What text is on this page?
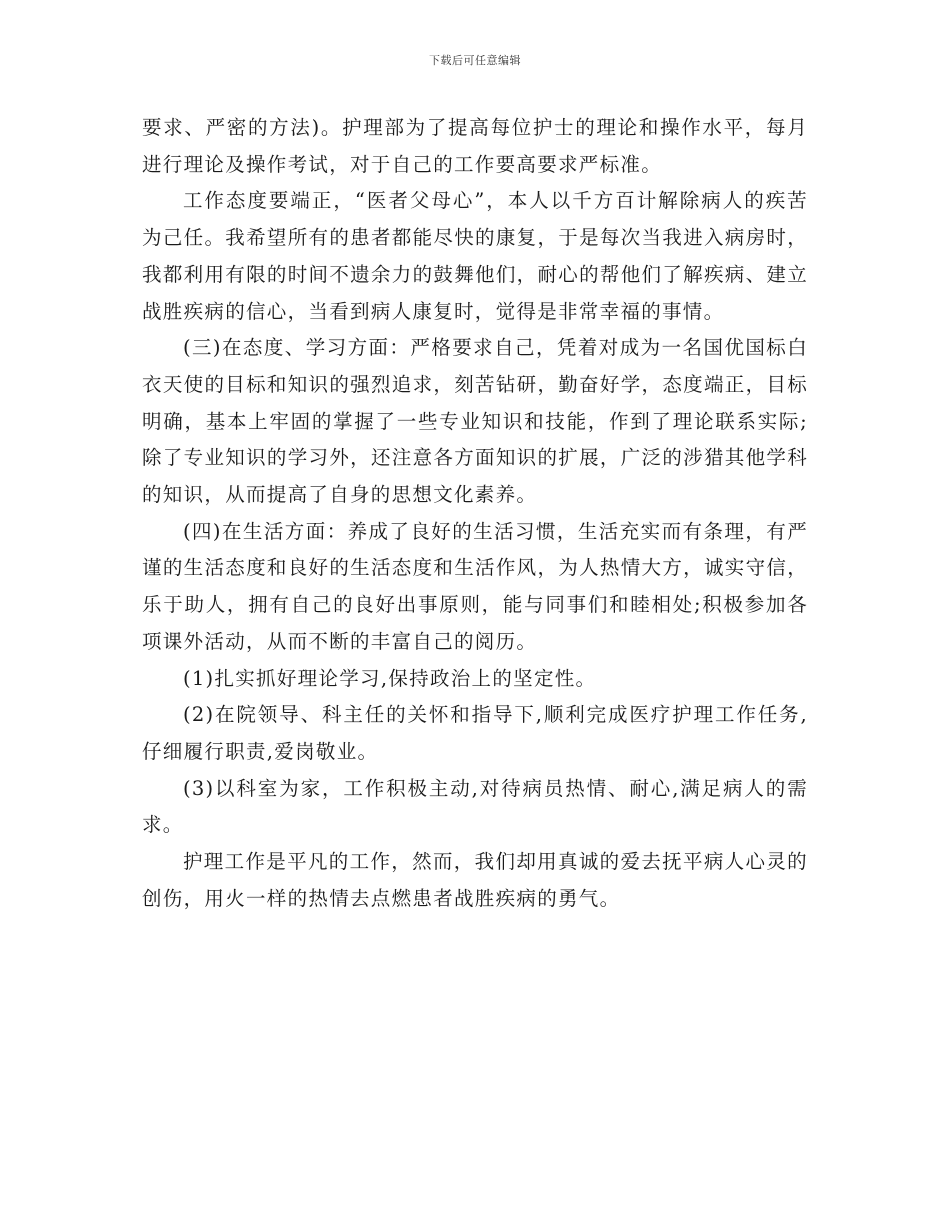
下载后可任意编辑

要求、严密的方法)。护理部为了提高每位护士的理论和操作水平，每月进行理论及操作考试，对于自己的工作要高要求严标准。

工作态度要端正，“医者父母心”，本人以千方百计解除病人的疾苦为己任。我希望所有的患者都能尽快的康复，于是每次当我进入病房时，我都利用有限的时间不遗余力的鼓舞他们，耐心的帮他们了解疾病、建立战胜疾病的信心，当看到病人康复时，觉得是非常幸福的事情。

(三)在态度、学习方面：严格要求自己，凭着对成为一名国优国标白衣天使的目标和知识的强烈追求，刻苦钻研，勤奋好学，态度端正，目标明确，基本上牢固的掌握了一些专业知识和技能，作到了理论联系实际;除了专业知识的学习外，还注意各方面知识的扩展，广泛的涉猎其他学科的知识，从而提高了自身的思想文化素养。

(四)在生活方面：养成了良好的生活习惯，生活充实而有条理，有严谨的生活态度和良好的生活态度和生活作风，为人热情大方，诚实守信，乐于助人，拥有自己的良好出事原则，能与同事们和睦相处;积极参加各项课外活动，从而不断的丰富自己的阅历。

(1)扎实抓好理论学习,保持政治上的坚定性。

(2)在院领导、科主任的关怀和指导下,顺利完成医疗护理工作任务,仔细履行职责,爱岗敬业。

(3)以科室为家，工作积极主动,对待病员热情、耐心,满足病人的需求。

护理工作是平凡的工作，然而，我们却用真诚的爱去抚平病人心灵的创伤，用火一样的热情去点燃患者战胜疾病的勇气。
